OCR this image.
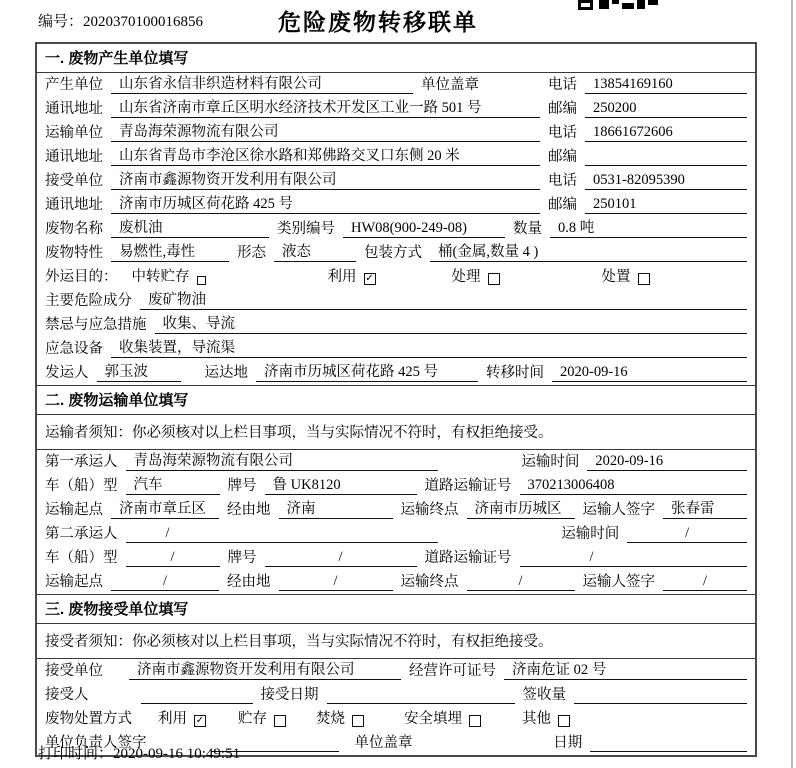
编号：2020370100016856	危险废物转移联单
一. 废物产生单位填写
产生单位	山东省永信非织造材料有限公司	单位盖章	电话	13854169160
通讯地址	山东省济南市章丘区明水经济技术开发区工业一路 501 号	邮编	250200
运输单位	青岛海荣源物流有限公司	电话	18661672606
通讯地址	山东省青岛市李沧区徐水路和郑佛路交叉口东侧 20 米	邮编
接受单位	济南市鑫源物资开发利用有限公司	电话	0531-82095390
通讯地址	济南市历城区荷花路 425 号	邮编	250101
废物名称	废机油	类别编号	HW08(900-249-08)	数量	0.8 吨
废物特性	易燃性,毒性	形态	液态	包装方式	桶(金属,数量 4 )
外运目的： 中转贮存	利用 ✓	处理	处置
主要危险成分	废矿物油
禁忌与应急措施	收集、导流
应急设备	收集装置，导流渠
发运人	郭玉波	运达地	济南市历城区荷花路 425 号	转移时间	2020-09-16
二. 废物运输单位填写
运输者须知：你必须核对以上栏目事项，当与实际情况不符时，有权拒绝接受。
第一承运人	青岛海荣源物流有限公司	运输时间	2020-09-16
车（船）型	汽车	牌号	鲁 UK8120	道路运输证号	370213006408
运输起点	济南市章丘区	经由地	济南	运输终点	济南市历城区	运输人签字	张春雷
第二承运人	/	运输时间	/
车（船）型	/	牌号	/	道路运输证号	/
运输起点	/	经由地	/	运输终点	/	运输人签字	/
三. 废物接受单位填写
接受者须知：你必须核对以上栏目事项，当与实际情况不符时，有权拒绝接受。
接受单位	济南市鑫源物资开发利用有限公司	经营许可证号	济南危证 02 号
接受人	接受日期	签收量
废物处置方式 利用 ✓ 贮存	焚烧	安全填埋	其他
单位负责人签字	单位盖章	日期
打印时间：2020-09-16 10:49:51
